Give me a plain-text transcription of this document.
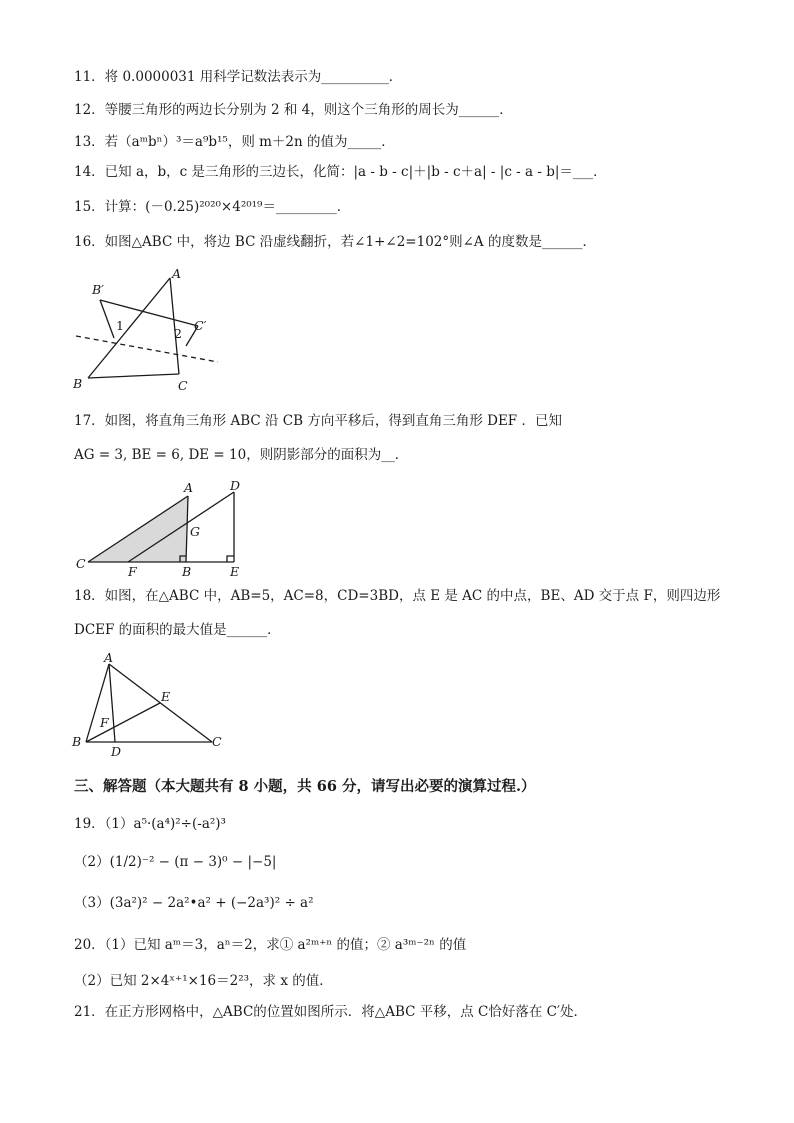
11．将 0.0000031 用科学记数法表示为__________．
12．等腰三角形的两边长分别为 2 和 4，则这个三角形的周长为______．
13．若（aᵐbⁿ）³＝a⁹b¹⁵，则 m＋2n 的值为_____．
14．已知 a，b，c 是三角形的三边长，化简：|a - b - c|＋|b - c＋a| - |c - a - b|＝___．
15．计算：(－0.25)²⁰²⁰×4²⁰¹⁹＝_________．
16．如图△ABC 中，将边 BC 沿虚线翻折，若∠1+∠2=102°则∠A 的度数是______．
A
B	C
B′
C′
1
2
17．如图，将直角三角形 ABC 沿 CB 方向平移后，得到直角三角形 DEF ．已知
AG = 3, BE = 6, DE = 10，则阴影部分的面积为__．
A
C
B
D
E
F
G
18．如图，在△ABC 中，AB=5，AC=8，CD=3BD，点 E 是 AC 的中点，BE、AD 交于点 F，则四边形
DCEF 的面积的最大值是______．
A
B	C
D
E
F
三、解答题（本大题共有 8 小题，共 66 分，请写出必要的演算过程.）
19．（1）a⁵·(a⁴)²÷(-a²)³
（2）(1/2)⁻² − (π − 3)⁰ − |−5|
（3）(3a²)² − 2a²•a² + (−2a³)² ÷ a²
20．（1）已知 aᵐ＝3，aⁿ＝2，求① a²ᵐ⁺ⁿ 的值；② a³ᵐ⁻²ⁿ 的值
（2）已知 2×4ˣ⁺¹×16＝2²³，求 x 的值．
21．在正方形网格中，△ABC的位置如图所示．将△ABC 平移，点 C恰好落在 C′处．
